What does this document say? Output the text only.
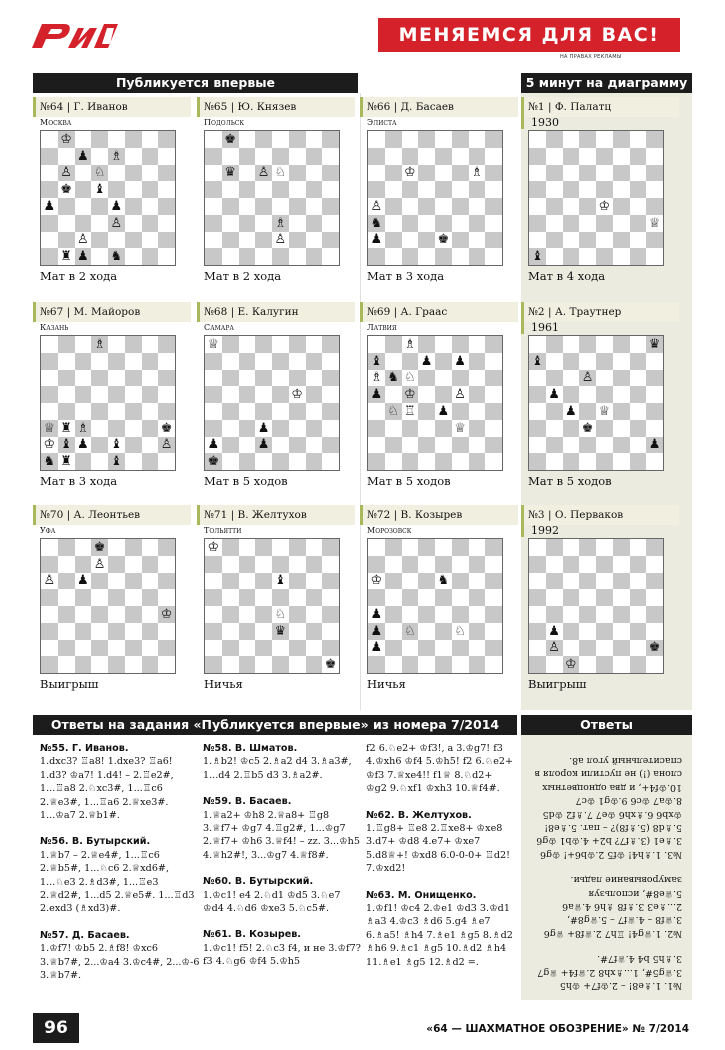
МЕНЯЕМСЯ ДЛЯ ВАС!
НА ПРАВАХ РЕКЛАМЫ
Публикуется впервые	5 минут на диаграмму
Ответы на задания «Публикуется впервые» из номера 7/2014	Ответы
№64 | Г. Иванов
Москва
♔
♟ ♗
♙ ♘
♚ ♝
♟	♟
♙
♙
♜ ♟ ♞
Мат в 2 хода
№65 | Ю. Князев
Подольск
♚
♛ ♙ ♘
♗
♙
Мат в 2 хода
№66 | Д. Басаев
Элиста
♔	♗
♙
♞
♟	♚
Мат в 3 хода
№1 | Ф. Палатц
1930
♔
♕
♝
Мат в 4 хода
№67 | М. Майоров
Казань
♗
♕ ♜ ♗	♚
♔ ♝ ♟ ♝	♙
♞ ♜	♝
Мат в 3 хода
№68 | Е. Калугин
Самара
♕
♔
♟
♟	♟
♚
Мат в 5 ходов
№69 | А. Граас
Латвия
♗
♝	♟ ♟
♗ ♞ ♘
♟ ♔	♙
♘ ♖ ♟
♕
Мат в 5 ходов
№2 | А. Траутнер
1961
♛
♝
♙
♟
♟ ♕
♚
♟
Мат в 5 ходов
№70 | А. Леонтьев
Уфа
♚
♙
♙ ♟
♔
Выигрыш
№71 | В. Желтухов
Тольятти
♔
♝
♘
♛
♚
Ничья
№72 | В. Козырев
Морозовск
♔	♞
♟
♟ ♘	♘
♟
Ничья
№3 | О. Перваков
1992
♟
♙	♚
♔
Выигрыш

№55. Г. Иванов.

1.dxc3? ♖a8! 1.dxe3? ♖a6! 1.d3? ♔a7! 1.d4! – 2.♖e2#, 1...♖a8 2.♘xc3#, 1...♖c6 2.♕e3#, 1...♖a6 2.♕xe3#. 1...♔a7 2.♕b1#.

№56. В. Бутырский.

1.♕b7 – 2.♕e4#, 1...♖c6 2.♕b5#, 1...♘c6 2.♕xd6#, 1...♘e3 2.♗d3#, 1...♖e3 2.♕d2#, 1...d5 2.♕e5#. 1...♖d3 2.exd3 (♗xd3)#.

№57. Д. Басаев.

1.♔f7! ♔b5 2.♗f8! ♔xc6 3.♕b7#, 2...♔a4 3.♔c4#, 2...♔-6 3.♕b7#.

№58. В. Шматов.

1.♗b2! ♔c5 2.♗a2 d4 3.♗a3#, 1...d4 2.♖b5 d3 3.♗a2#.

№59. В. Басаев.

1.♕a2+ ♔h8 2.♕a8+ ♖g8 3.♕f7+ ♔g7 4.♖g2#, 1...♔g7 2.♕f7+ ♔h6 3.♕f4! – zz. 3...♔h5 4.♕h2#!, 3...♔g7 4.♕f8#.

№60. В. Бутырский.

1.♔c1! e4 2.♘d1 ♔d5 3.♘e7 ♔d4 4.♘d6 ♔xe3 5.♘c5#.

№61. В. Козырев.

1.♔c1! f5! 2.♘c3 f4, и не 3.♔f7? f3 4.♘g6 ♔f4 5.♔h5

f2 6.♘e2+ ♔f3!, а 3.♔g7! f3 4.♔xh6 ♔f4 5.♔h5! f2 6.♘e2+ ♔f3 7.♕xe4!! f1♕ 8.♘d2+ ♔g2 9.♘xf1 ♔xh3 10.♕f4#.

№62. В. Желтухов.

1.♖g8+ ♖e8 2.♖xe8+ ♔xe8 3.d7+ ♔d8 4.e7+ ♔xe7 5.d8♕+! ♔xd8 6.0-0-0+ ♖d2! 7.♔xd2!

№63. М. Онищенко.

1.♔f1! ♔c4 2.♔e1 ♔d3 3.♔d1 ♗a3 4.♔c3 ♗d6 5.g4 ♗e7 6.♗a5! ♗h4 7.♗e1 ♗g5 8.♗d2 ♗h6 9.♗c1 ♗g5 10.♗d2 ♗h4 11.♗e1 ♗g5 12.♗d2 =.

№1. 1.♗e8! – 2.♔f7+ ♔h5 3.♕g5#, 1...♗xh8 2.♕f4+ ♕g7 3.♗h5 b4 4.♕f7#.

№2. 1.♕g4! ♖h7 2.♕f8+ ♕g6 3.♕f8 – 4.♕f7 – 5.♕g8#, 2...♗e3 3.♗f8 ♗h6 4.♕a6 5.♕e8#, используя замуровывание ладьи.

№3. 1.♗h4! ♔f5 2.♔b6+! ♔g6 3.♗e1 (3.♗f7? b2+ 4.♔b1 ♔g6 5.♗d8 (5.♗f8)? – пат. 5.♗e8! ♔xb6 6.♗xh6 ♔e7 7.♗f2 ♔d5 8.♔a7 ♔c6 9.♔g1 ♔c7 10.♔f4+, и два одноцветных слона (!) не пустили короля в спасительный угол a8.

96	«64 — ШАХМАТНОЕ ОБОЗРЕНИЕ» № 7/2014
